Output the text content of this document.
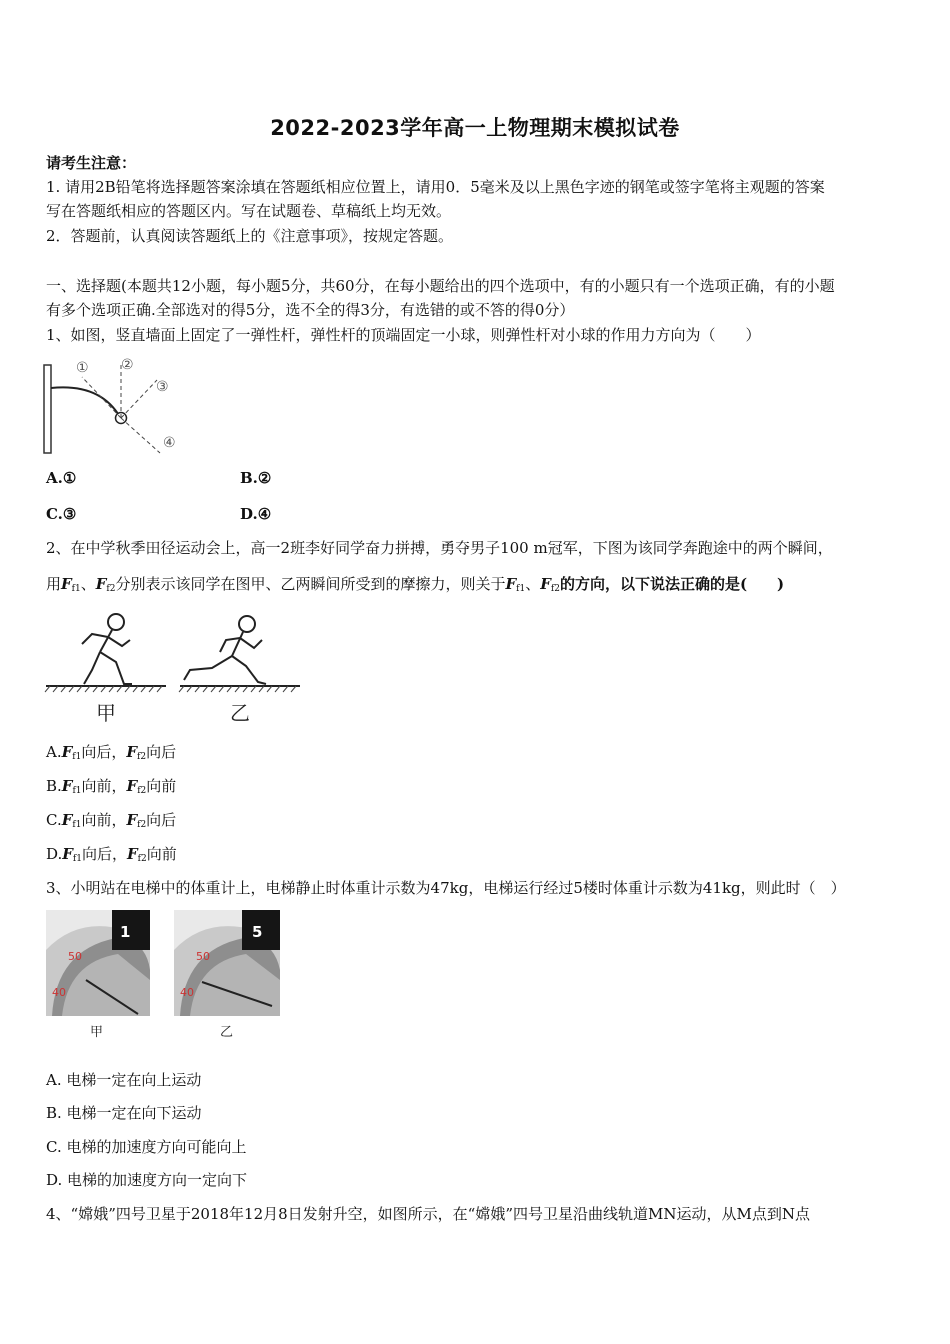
2022-2023学年高一上物理期末模拟试卷
请考生注意：
1. 请用2B铅笔将选择题答案涂填在答题纸相应位置上，请用0．5毫米及以上黑色字迹的钢笔或签字笔将主观题的答案
写在答题纸相应的答题区内。写在试题卷、草稿纸上均无效。
2．答题前，认真阅读答题纸上的《注意事项》，按规定答题。
一、选择题(本题共12小题，每小题5分，共60分，在每小题给出的四个选项中，有的小题只有一个选项正确，有的小题
有多个选项正确.全部选对的得5分，选不全的得3分，有选错的或不答的得0分）
1、如图，竖直墙面上固定了一弹性杆，弹性杆的顶端固定一小球，则弹性杆对小球的作用力方向为（　　）
① ②
③
④
A.①	B.②
C.③	D.④
2、在中学秋季田径运动会上，高一2班李好同学奋力拼搏，勇夺男子100 m冠军，下图为该同学奔跑途中的两个瞬间，
用$F_{f1}$、$F_{f2}$分别表示该同学在图甲、乙两瞬间所受到的摩擦力，则关于$F_{f1}$、$F_{f2}$的方向，以下说法正确的是(　　)
甲	乙
$A.F_{f1}$向后，$F_{f2}$向后
$B.F_{f1}$向前，$F_{f2}$向前
$C.F_{f1}$向前，$F_{f2}$向后
$D.F_{f1}$向后，$F_{f2}$向前
3、小明站在电梯中的体重计上，电梯静止时体重计示数为47kg，电梯运行经过5楼时体重计示数为41kg，则此时（　）
1
50
40
甲
5
50
40
乙
A. 电梯一定在向上运动
B. 电梯一定在向下运动
C. 电梯的加速度方向可能向上
D. 电梯的加速度方向一定向下
4、“嫦娥”四号卫星于2018年12月8日发射升空，如图所示，在“嫦娥”四号卫星沿曲线轨道MN运动，从M点到N点
